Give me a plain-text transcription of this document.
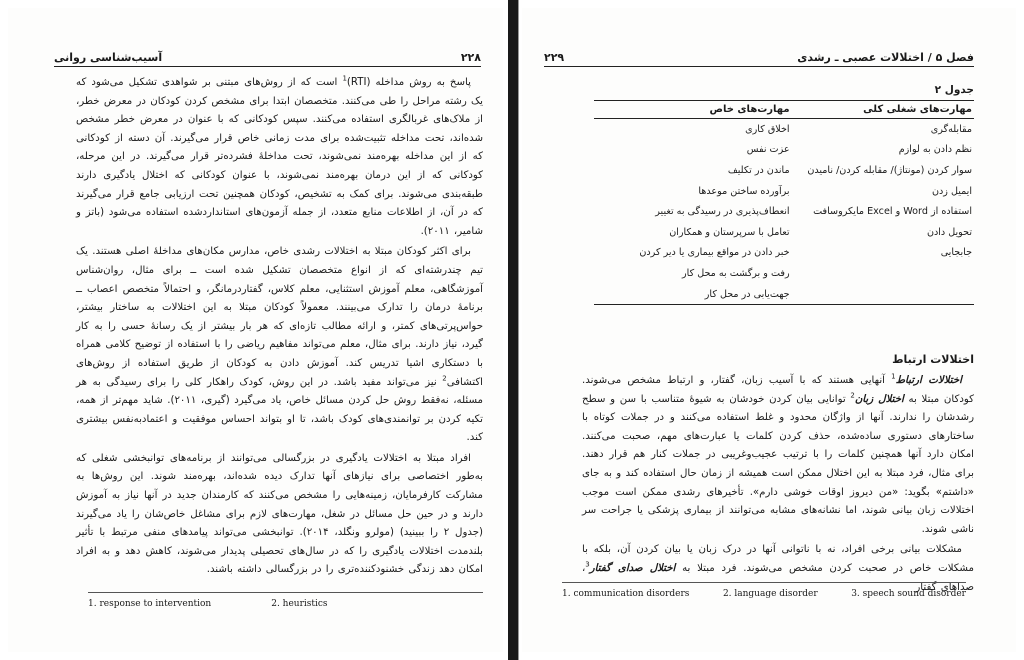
۲۲۸
آسیب‌شناسی روانی

پاسخ به روش مداخله (RTI)$^1$ است که از روش‌های مبتنی بر شواهدی تشکیل می‌شود که یک رشته مراحل را طی می‌کنند. متخصصان ابتدا برای مشخص کردن کودکان در معرض خطر، از ملاک‌های غربالگری استفاده می‌کنند. سپس کودکانی که با عنوان در معرض خطر مشخص شده‌اند، تحت مداخله تثبیت‌شده برای مدت زمانی خاص قرار می‌گیرند. آن دسته از کودکانی که از این مداخله بهره‌مند نمی‌شوند، تحت مداخلهٔ فشرده‌تر قرار می‌گیرند. در این مرحله، کودکانی که از این درمان بهره‌مند نمی‌شوند، با عنوان کودکانی که اختلال یادگیری دارند طبقه‌بندی می‌شوند. برای کمک به تشخیص، کودکان همچنین تحت ارزیابی جامع قرار می‌گیرند که در آن، از اطلاعات منابع متعدد، از جمله آزمون‌های استانداردشده استفاده می‌شود (باتز و شامیر، ۲۰۱۱).

برای اکثر کودکان مبتلا به اختلالات رشدی خاص، مدارس مکان‌های مداخلهٔ اصلی هستند. یک تیم چندرشته‌ای که از انواع متخصصان تشکیل شده است ــ برای مثال، روان‌شناس آموزشگاهی، معلم آموزش استثنایی، معلم کلاس، گفتاردرمانگر، و احتمالاً متخصص اعصاب ــ برنامهٔ درمان را تدارک می‌بینند. معمولاً کودکان مبتلا به این اختلالات به ساختار بیشتر، حواس‌پرتی‌های کمتر، و ارائه مطالب تازه‌ای که هر بار بیشتر از یک رسانهٔ حسی را به کار گیرد، نیاز دارند. برای مثال، معلم می‌تواند مفاهیم ریاضی را با استفاده از توضیح کلامی همراه با دستکاری اشیا تدریس کند. آموزش دادن به کودکان از طریق استفاده از روش‌های اکتشافی$^2$ نیز می‌تواند مفید باشد. در این روش، کودک راهکار کلی را برای رسیدگی به هر مسئله، نه‌فقط روش حل کردن مسائل خاص، یاد می‌گیرد (گیری، ۲۰۱۱). شاید مهم‌تر از همه، تکیه کردن بر توانمندی‌های کودک باشد، تا او بتواند احساس موفقیت و اعتمادبه‌نفس بیشتری کند.

افراد مبتلا به اختلالات یادگیری در بزرگسالی می‌توانند از برنامه‌های توانبخشی شغلی که به‌طور اختصاصی برای نیازهای آنها تدارک دیده شده‌اند، بهره‌مند شوند. این روش‌ها به مشارکت کارفرمایان، زمینه‌هایی را مشخص می‌کنند که کارمندان جدید در آنها نیاز به آموزش دارند و در حین حل مسائل در شغل، مهارت‌های لازم برای مشاغل خاص‌شان را یاد می‌گیرند (جدول ۲ را ببینید) (مولرو ونگلد، ۲۰۱۴). توانبخشی می‌تواند پیامدهای منفی مرتبط با تأثیر بلندمدت اختلالات یادگیری را که در سال‌های تحصیلی پدیدار می‌شوند، کاهش دهد و به افراد امکان دهد زندگی خشنودکننده‌تری را در بزرگسالی داشته باشند.

1. response to intervention	2. heuristics
فصل ۵ / اختلالات عصبی ـ رشدی
۲۲۹
جدول ۲
مهارت‌های شغلی کلی	مهارت‌های خاص
مقابله‌گری	اخلاق کاری
نظم دادن به لوازم	عزت نفس
سوار کردن (مونتاژ)/ مقابله کردن/ نامیدن	ماندن در تکلیف
ایمیل زدن	برآورده ساختن موعدها
استفاده از Word و Excel مایکروسافت	انعطاف‌پذیری در رسیدگی به تغییر
تحویل دادن	تعامل با سرپرستان و همکاران
جابجایی	خبر دادن در مواقع بیماری یا دیر کردن
	رفت و برگشت به محل کار
	جهت‌یابی در محل کار
اختلالات ارتباط

اختلالات ارتباط$^1$ آنهایی هستند که با آسیب زبان، گفتار، و ارتباط مشخص می‌شوند. کودکان مبتلا به اختلال زبان$^2$ توانایی بیان کردن خودشان به شیوهٔ متناسب با سن و سطح رشدشان را ندارند. آنها از واژگان محدود و غلط استفاده می‌کنند و در جملات کوتاه با ساختارهای دستوری ساده‌شده، حذف کردن کلمات یا عبارت‌های مهم، صحبت می‌کنند. امکان دارد آنها همچنین کلمات را با ترتیب عجیب‌وغریبی در جملات کنار هم قرار دهند. برای مثال، فرد مبتلا به این اختلال ممکن است همیشه از زمان حال استفاده کند و به جای «داشتم» بگوید: «من دیروز اوقات خوشی دارم». تأخیرهای رشدی ممکن است موجب اختلالات زبان بیانی شوند، اما نشانه‌های مشابه می‌توانند از بیماری پزشکی یا جراحت سر ناشی شوند.

مشکلات بیانی برخی افراد، نه با ناتوانی آنها در درک زبان یا بیان کردن آن، بلکه با مشکلات خاص در صحبت کردن مشخص می‌شوند. فرد مبتلا به اختلال صدای گفتار$^3$، صداهای گفتار

1. communication disorders	2. language disorder	3. speech sound disorder
